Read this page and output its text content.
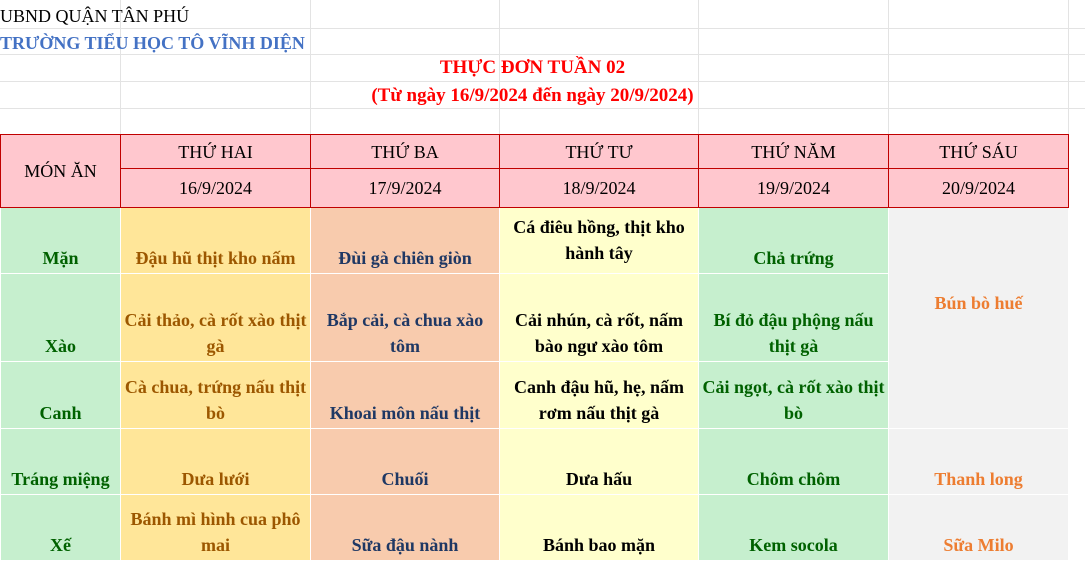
UBND QUẬN TÂN PHÚ
TRƯỜNG TIỂU HỌC TÔ VĨNH DIỆN
THỰC ĐƠN TUẦN 02
(Từ ngày 16/9/2024 đến ngày 20/9/2024)
MÓN ĂN	THỨ HAI	THỨ BA	THỨ TƯ	THỨ NĂM	THỨ SÁU
	16/9/2024	17/9/2024	18/9/2024	19/9/2024	20/9/2024
Mặn	Đậu hũ thịt kho nấm	Đùi gà chiên giòn	Cá điêu hồng, thịt kho hành tây	Chả trứng	Bún bò huế
Xào	Cải thảo, cà rốt xào thịt gà	Bắp cải, cà chua xào tôm	Cải nhún, cà rốt, nấm bào ngư xào tôm	Bí đỏ đậu phộng nấu thịt gà	
Canh	Cà chua, trứng nấu thịt bò	Khoai môn nấu thịt	Canh đậu hũ, hẹ, nấm rơm nấu thịt gà	Cải ngọt, cà rốt xào thịt bò	
Tráng miệng	Dưa lưới	Chuối	Dưa hấu	Chôm chôm	Thanh long
Xế	Bánh mì hình cua phô mai	Sữa đậu nành	Bánh bao mặn	Kem socola	Sữa Milo
